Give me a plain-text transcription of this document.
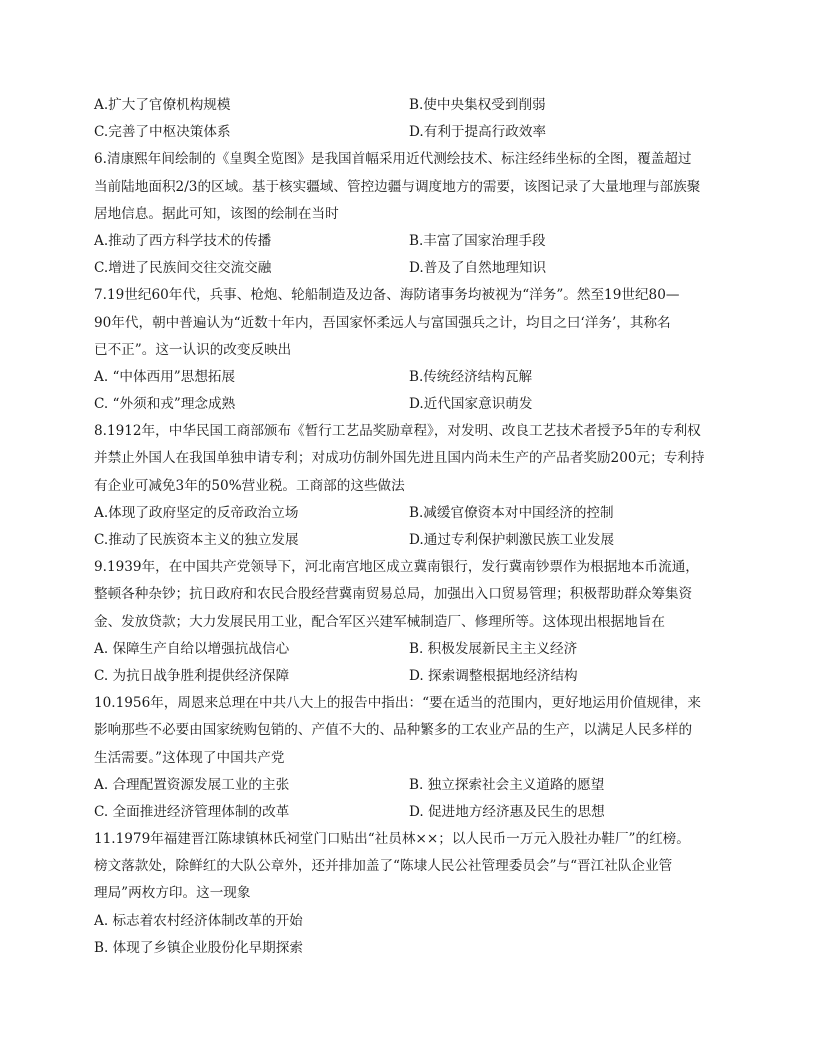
A.扩大了官僚机构规模	B.使中央集权受到削弱
C.完善了中枢决策体系	D.有利于提高行政效率
6.清康熙年间绘制的《皇舆全览图》是我国首幅采用近代测绘技术、标注经纬坐标的全图，覆盖超过
当前陆地面积2/3的区域。基于核实疆域、管控边疆与调度地方的需要，该图记录了大量地理与部族聚
居地信息。据此可知，该图的绘制在当时
A.推动了西方科学技术的传播	B.丰富了国家治理手段
C.增进了民族间交往交流交融	D.普及了自然地理知识
7.19世纪60年代，兵事、枪炮、轮船制造及边备、海防诸事务均被视为“洋务”。然至19世纪80—
90年代，朝中普遍认为“近数十年内，吾国家怀柔远人与富国强兵之计，均目之曰‘洋务’，其称名
已不正”。这一认识的改变反映出
A. “中体西用”思想拓展	B.传统经济结构瓦解
C. “外须和戎”理念成熟	D.近代国家意识萌发
8.1912年，中华民国工商部颁布《暂行工艺品奖励章程》，对发明、改良工艺技术者授予5年的专利权
并禁止外国人在我国单独申请专利；对成功仿制外国先进且国内尚未生产的产品者奖励200元；专利持
有企业可减免3年的50%营业税。工商部的这些做法
A.体现了政府坚定的反帝政治立场	B.减缓官僚资本对中国经济的控制
C.推动了民族资本主义的独立发展	D.通过专利保护刺激民族工业发展
9.1939年，在中国共产党领导下，河北南宫地区成立冀南银行，发行冀南钞票作为根据地本币流通，
整顿各种杂钞；抗日政府和农民合股经营冀南贸易总局，加强出入口贸易管理；积极帮助群众筹集资
金、发放贷款；大力发展民用工业，配合军区兴建军械制造厂、修理所等。这体现出根据地旨在
A. 保障生产自给以增强抗战信心	B. 积极发展新民主主义经济
C. 为抗日战争胜利提供经济保障	D. 探索调整根据地经济结构
10.1956年，周恩来总理在中共八大上的报告中指出：“要在适当的范围内，更好地运用价值规律，来
影响那些不必要由国家统购包销的、产值不大的、品种繁多的工农业产品的生产，以满足人民多样的
生活需要。”这体现了中国共产党
A. 合理配置资源发展工业的主张	B. 独立探索社会主义道路的愿望
C. 全面推进经济管理体制的改革	D. 促进地方经济惠及民生的思想
11.1979年福建晋江陈埭镇林氏祠堂门口贴出“社员林××；以人民币一万元入股社办鞋厂”的红榜。
榜文落款处，除鲜红的大队公章外，还并排加盖了“陈埭人民公社管理委员会”与“晋江社队企业管
理局”两枚方印。这一现象
A. 标志着农村经济体制改革的开始
B. 体现了乡镇企业股份化早期探索
